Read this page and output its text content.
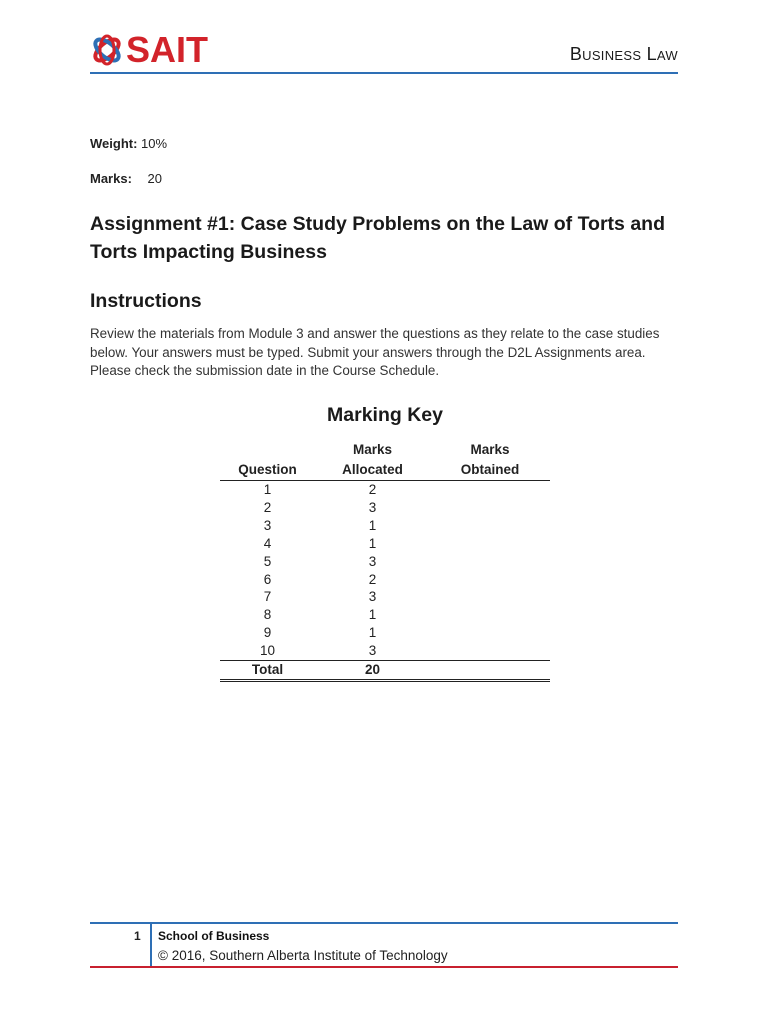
SAIT	Business Law
Weight: 10%
Marks: 20
Assignment #1: Case Study Problems on the Law of Torts and Torts Impacting Business
Instructions
Review the materials from Module 3 and answer the questions as they relate to the case studies below. Your answers must be typed. Submit your answers through the D2L Assignments area. Please check the submission date in the Course Schedule.
Marking Key
	Marks	Marks
Question	Allocated	Obtained
1	2	
2	3	
3	1	
4	1	
5	3	
6	2	
7	3	
8	1	
9	1	
10	3	
Total	20	
1 School of Business
© 2016, Southern Alberta Institute of Technology
